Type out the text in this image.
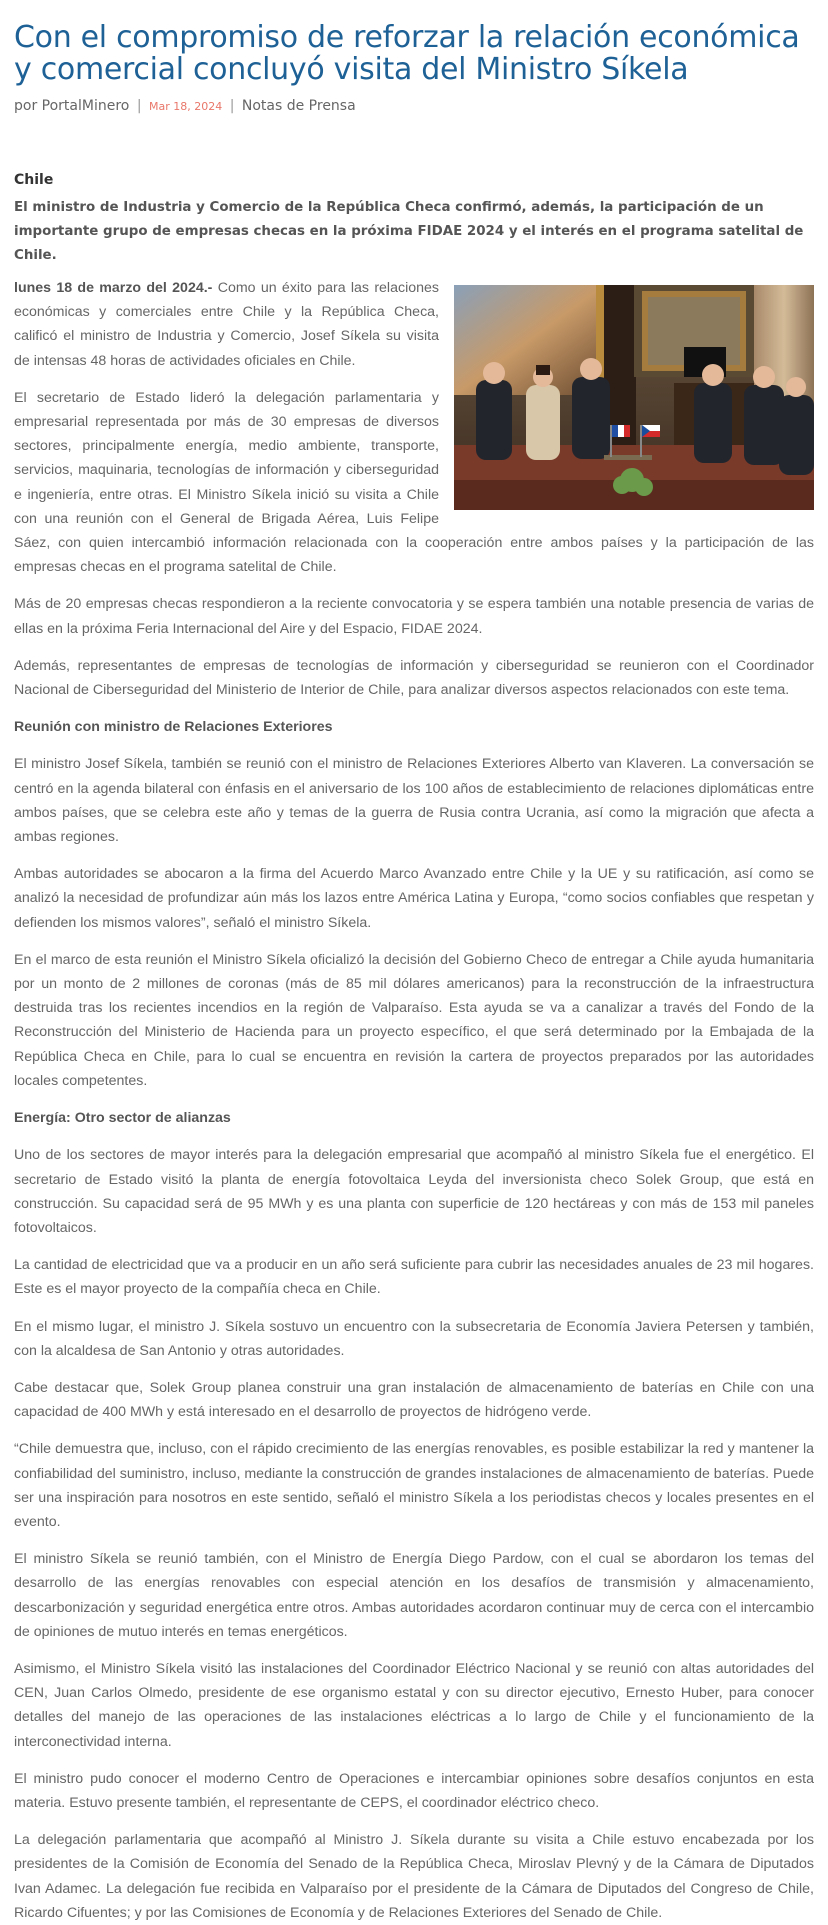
Con el compromiso de reforzar la relación económica y comercial concluyó visita del Ministro Síkela
por PortalMinero | Mar 18, 2024 | Notas de Prensa
Chile
El ministro de Industria y Comercio de la República Checa confirmó, además, la participación de un importante grupo de empresas checas en la próxima FIDAE 2024 y el interés en el programa satelital de Chile.

lunes 18 de marzo del 2024.- Como un éxito para las relaciones económicas y comerciales entre Chile y la República Checa, calificó el ministro de Industria y Comercio, Josef Síkela su visita de intensas 48 horas de actividades oficiales en Chile.

El secretario de Estado lideró la delegación parlamentaria y empresarial representada por más de 30 empresas de diversos sectores, principalmente energía, medio ambiente, transporte, servicios, maquinaria, tecnologías de información y ciberseguridad e ingeniería, entre otras. El Ministro Síkela inició su visita a Chile con una reunión con el General de Brigada Aérea, Luis Felipe Sáez, con quien intercambió información relacionada con la cooperación entre ambos países y la participación de las empresas checas en el programa satelital de Chile.

Más de 20 empresas checas respondieron a la reciente convocatoria y se espera también una notable presencia de varias de ellas en la próxima Feria Internacional del Aire y del Espacio, FIDAE 2024.

Además, representantes de empresas de tecnologías de información y ciberseguridad se reunieron con el Coordinador Nacional de Ciberseguridad del Ministerio de Interior de Chile, para analizar diversos aspectos relacionados con este tema.

Reunión con ministro de Relaciones Exteriores

El ministro Josef Síkela, también se reunió con el ministro de Relaciones Exteriores Alberto van Klaveren. La conversación se centró en la agenda bilateral con énfasis en el aniversario de los 100 años de establecimiento de relaciones diplomáticas entre ambos países, que se celebra este año y temas de la guerra de Rusia contra Ucrania, así como la migración que afecta a ambas regiones.

Ambas autoridades se abocaron a la firma del Acuerdo Marco Avanzado entre Chile y la UE y su ratificación, así como se analizó la necesidad de profundizar aún más los lazos entre América Latina y Europa, “como socios confiables que respetan y defienden los mismos valores”, señaló el ministro Síkela.

En el marco de esta reunión el Ministro Síkela oficializó la decisión del Gobierno Checo de entregar a Chile ayuda humanitaria por un monto de 2 millones de coronas (más de 85 mil dólares americanos) para la reconstrucción de la infraestructura destruida tras los recientes incendios en la región de Valparaíso. Esta ayuda se va a canalizar a través del Fondo de la Reconstrucción del Ministerio de Hacienda para un proyecto específico, el que será determinado por la Embajada de la República Checa en Chile, para lo cual se encuentra en revisión la cartera de proyectos preparados por las autoridades locales competentes.

Energía: Otro sector de alianzas

Uno de los sectores de mayor interés para la delegación empresarial que acompañó al ministro Síkela fue el energético. El secretario de Estado visitó la planta de energía fotovoltaica Leyda del inversionista checo Solek Group, que está en construcción. Su capacidad será de 95 MWh y es una planta con superficie de 120 hectáreas y con más de 153 mil paneles fotovoltaicos.

La cantidad de electricidad que va a producir en un año será suficiente para cubrir las necesidades anuales de 23 mil hogares. Este es el mayor proyecto de la compañía checa en Chile.

En el mismo lugar, el ministro J. Síkela sostuvo un encuentro con la subsecretaria de Economía Javiera Petersen y también, con la alcaldesa de San Antonio y otras autoridades.

Cabe destacar que, Solek Group planea construir una gran instalación de almacenamiento de baterías en Chile con una capacidad de 400 MWh y está interesado en el desarrollo de proyectos de hidrógeno verde.

“Chile demuestra que, incluso, con el rápido crecimiento de las energías renovables, es posible estabilizar la red y mantener la confiabilidad del suministro, incluso, mediante la construcción de grandes instalaciones de almacenamiento de baterías. Puede ser una inspiración para nosotros en este sentido, señaló el ministro Síkela a los periodistas checos y locales presentes en el evento.

El ministro Síkela se reunió también, con el Ministro de Energía Diego Pardow, con el cual se abordaron los temas del desarrollo de las energías renovables con especial atención en los desafíos de transmisión y almacenamiento, descarbonización y seguridad energética entre otros. Ambas autoridades acordaron continuar muy de cerca con el intercambio de opiniones de mutuo interés en temas energéticos.

Asimismo, el Ministro Síkela visitó las instalaciones del Coordinador Eléctrico Nacional y se reunió con altas autoridades del CEN, Juan Carlos Olmedo, presidente de ese organismo estatal y con su director ejecutivo, Ernesto Huber, para conocer detalles del manejo de las operaciones de las instalaciones eléctricas a lo largo de Chile y el funcionamiento de la interconectividad interna.

El ministro pudo conocer el moderno Centro de Operaciones e intercambiar opiniones sobre desafíos conjuntos en esta materia. Estuvo presente también, el representante de CEPS, el coordinador eléctrico checo.

La delegación parlamentaria que acompañó al Ministro J. Síkela durante su visita a Chile estuvo encabezada por los presidentes de la Comisión de Economía del Senado de la República Checa, Miroslav Plevný y de la Cámara de Diputados Ivan Adamec. La delegación fue recibida en Valparaíso por el presidente de la Cámara de Diputados del Congreso de Chile, Ricardo Cifuentes; y por las Comisiones de Economía y de Relaciones Exteriores del Senado de Chile.
